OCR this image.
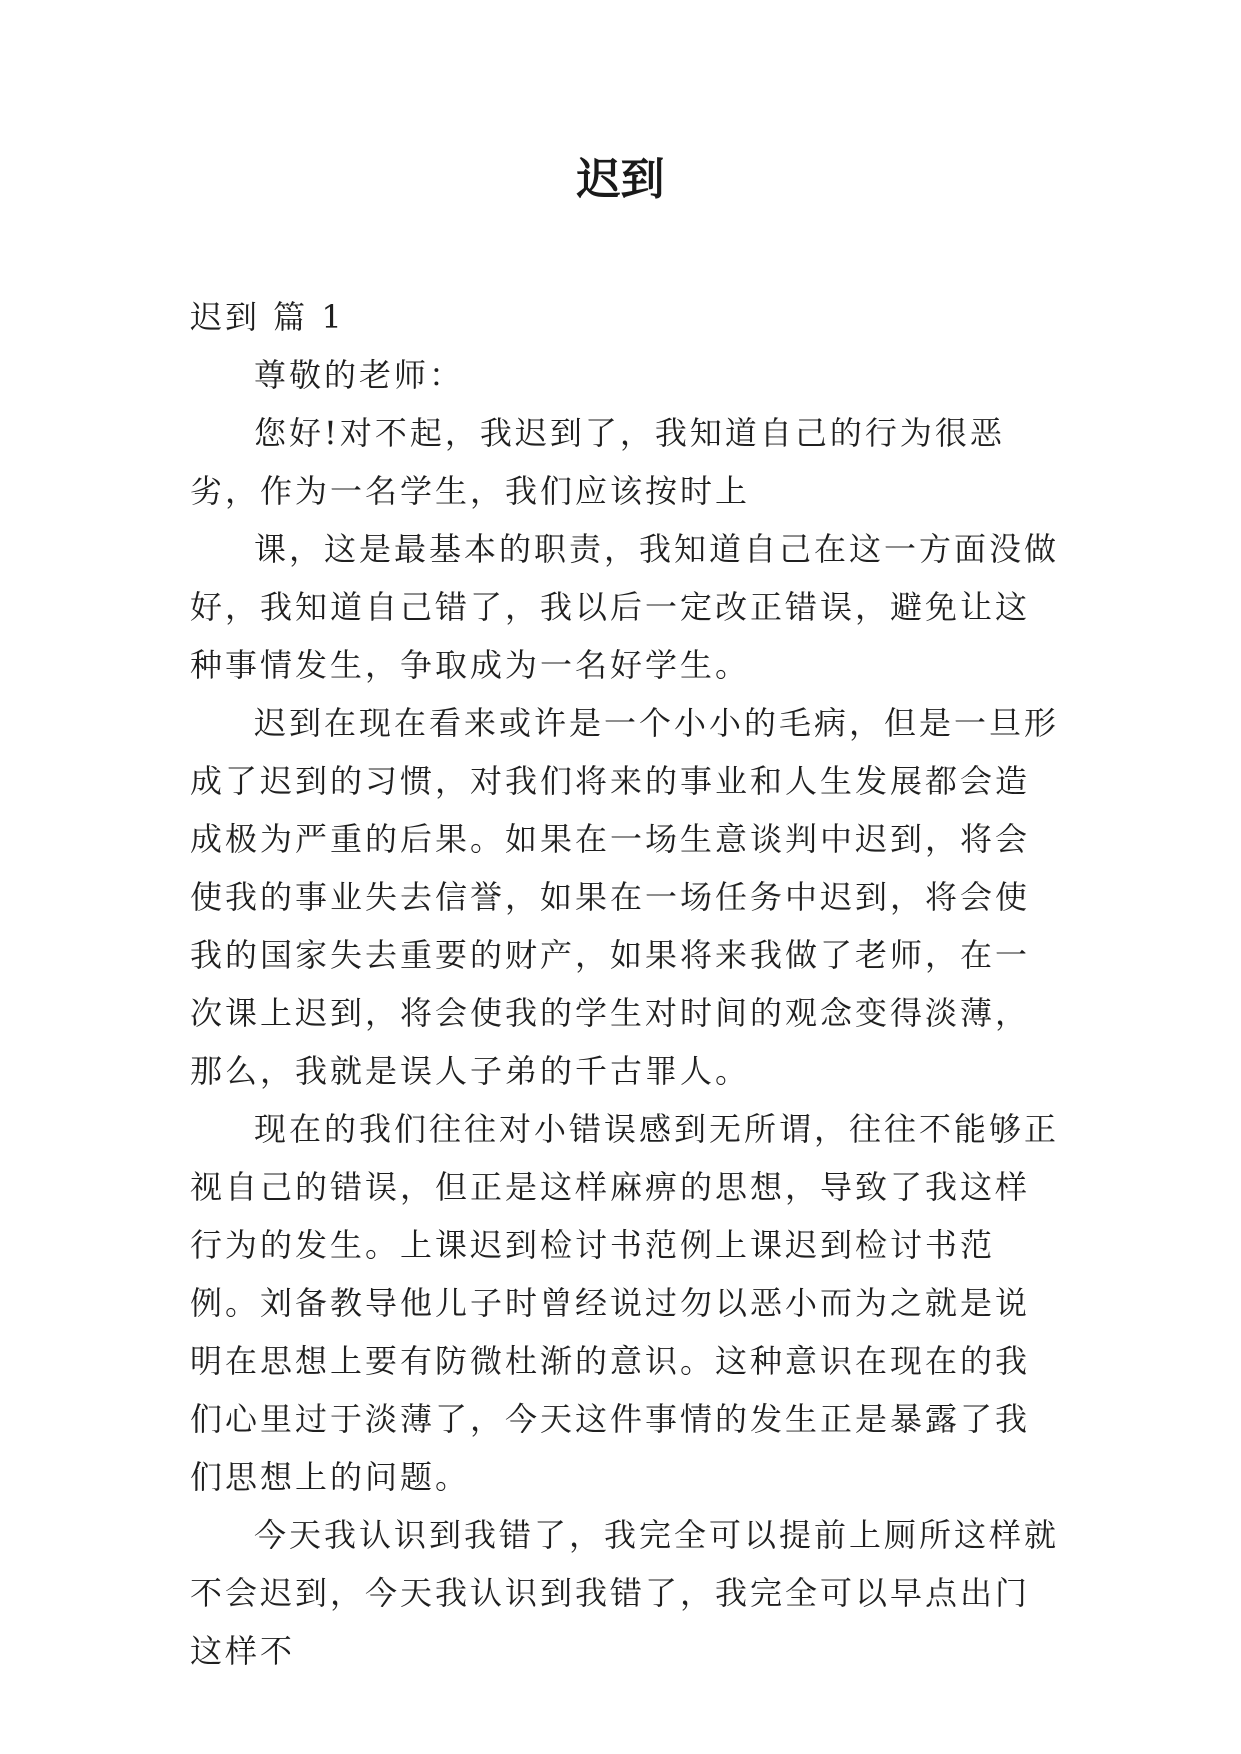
迟到
迟到 篇 1

尊敬的老师：

您好!对不起，我迟到了，我知道自己的行为很恶劣，作为一名学生，我们应该按时上

课，这是最基本的职责，我知道自己在这一方面没做好，我知道自己错了，我以后一定改正错误，避免让这种事情发生，争取成为一名好学生。

迟到在现在看来或许是一个小小的毛病，但是一旦形成了迟到的习惯，对我们将来的事业和人生发展都会造成极为严重的后果。如果在一场生意谈判中迟到，将会使我的事业失去信誉，如果在一场任务中迟到，将会使我的国家失去重要的财产，如果将来我做了老师，在一次课上迟到，将会使我的学生对时间的观念变得淡薄，那么，我就是误人子弟的千古罪人。

现在的我们往往对小错误感到无所谓，往往不能够正视自己的错误，但正是这样麻痹的思想，导致了我这样行为的发生。上课迟到检讨书范例上课迟到检讨书范例。刘备教导他儿子时曾经说过勿以恶小而为之就是说明在思想上要有防微杜渐的意识。这种意识在现在的我们心里过于淡薄了，今天这件事情的发生正是暴露了我们思想上的问题。

今天我认识到我错了，我完全可以提前上厕所这样就不会迟到，今天我认识到我错了，我完全可以早点出门这样不
